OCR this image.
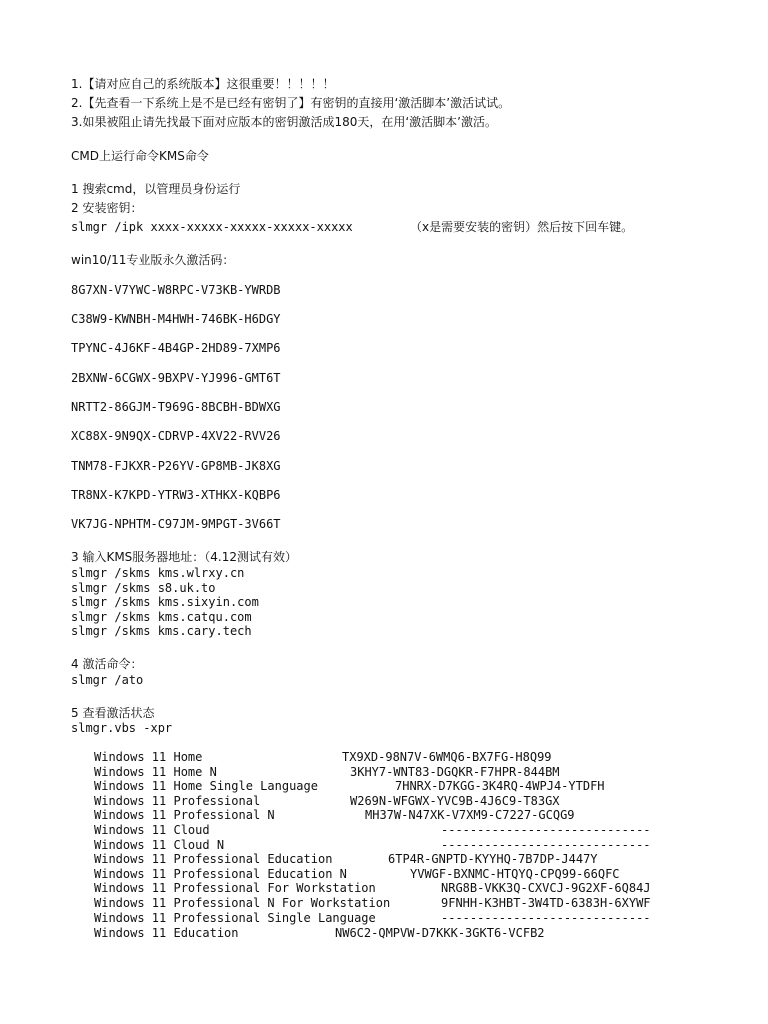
1.【请对应自己的系统版本】这很重要！！！！！
2.【先查看一下系统上是不是已经有密钥了】有密钥的直接用‘激活脚本’激活试试。
3.如果被阻止请先找最下面对应版本的密钥激活成180天，在用‘激活脚本’激活。
CMD上运行命令KMS命令
1 搜索cmd，以管理员身份运行
2 安装密钥：
slmgr /ipk xxxx-xxxxx-xxxxx-xxxxx-xxxxx	（x是需要安装的密钥）然后按下回车键。
win10/11专业版永久激活码：
8G7XN-V7YWC-W8RPC-V73KB-YWRDB
C38W9-KWNBH-M4HWH-746BK-H6DGY
TPYNC-4J6KF-4B4GP-2HD89-7XMP6
2BXNW-6CGWX-9BXPV-YJ996-GMT6T
NRTT2-86GJM-T969G-8BCBH-BDWXG
XC88X-9N9QX-CDRVP-4XV22-RVV26
TNM78-FJKXR-P26YV-GP8MB-JK8XG
TR8NX-K7KPD-YTRW3-XTHKX-KQBP6
VK7JG-NPHTM-C97JM-9MPGT-3V66T
3 输入KMS服务器地址：（4.12测试有效）
slmgr /skms kms.wlrxy.cn
slmgr /skms s8.uk.to
slmgr /skms kms.sixyin.com
slmgr /skms kms.catqu.com
slmgr /skms kms.cary.tech
4 激活命令：
slmgr /ato
5 查看激活状态
slmgr.vbs -xpr
Windows 11 Home	TX9XD-98N7V-6WMQ6-BX7FG-H8Q99
Windows 11 Home N	3KHY7-WNT83-DGQKR-F7HPR-844BM
Windows 11 Home Single Language	7HNRX-D7KGG-3K4RQ-4WPJ4-YTDFH
Windows 11 Professional	W269N-WFGWX-YVC9B-4J6C9-T83GX
Windows 11 Professional N	MH37W-N47XK-V7XM9-C7227-GCQG9
Windows 11 Cloud	-----------------------------
Windows 11 Cloud N	-----------------------------
Windows 11 Professional Education	6TP4R-GNPTD-KYYHQ-7B7DP-J447Y
Windows 11 Professional Education N	YVWGF-BXNMC-HTQYQ-CPQ99-66QFC
Windows 11 Professional For Workstation	NRG8B-VKK3Q-CXVCJ-9G2XF-6Q84J
Windows 11 Professional N For Workstation	9FNHH-K3HBT-3W4TD-6383H-6XYWF
Windows 11 Professional Single Language	-----------------------------
Windows 11 Education	NW6C2-QMPVW-D7KKK-3GKT6-VCFB2
